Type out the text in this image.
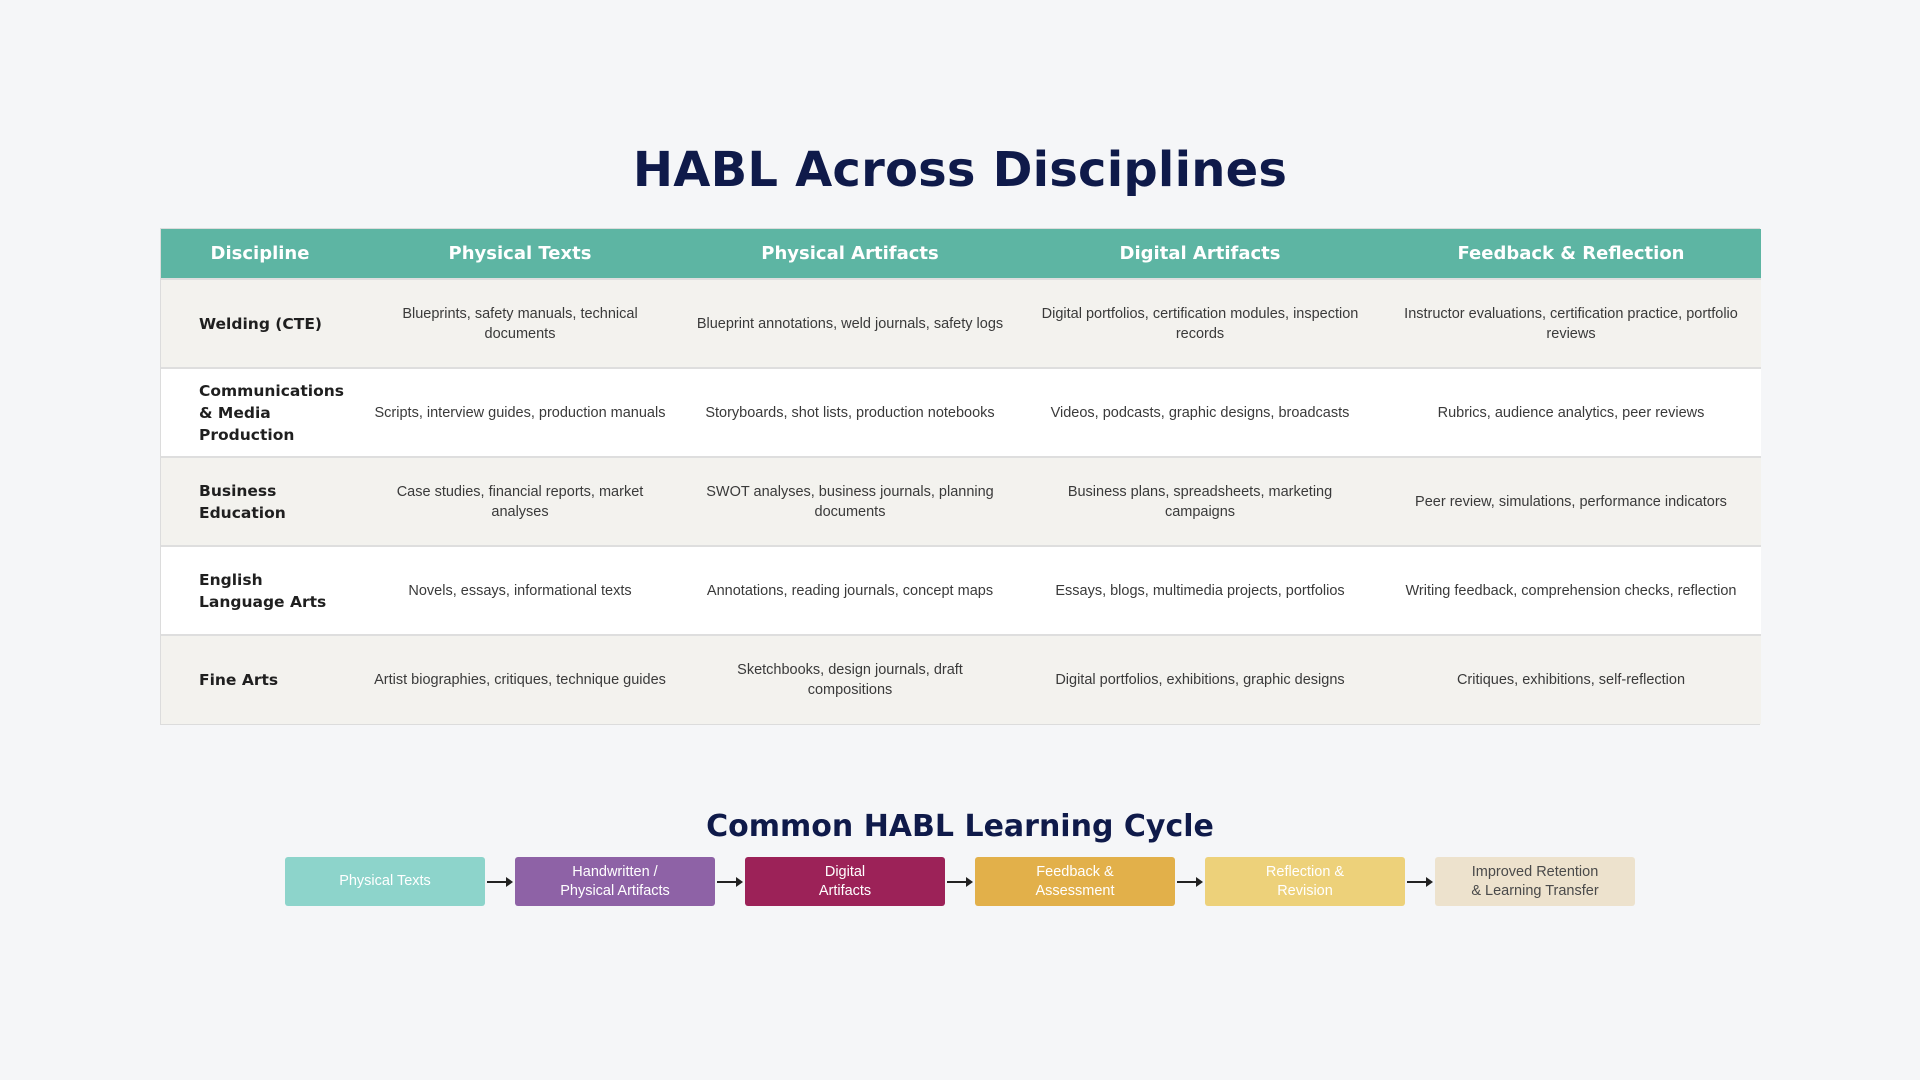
HABL Across Disciplines
Discipline	Physical Texts	Physical Artifacts	Digital Artifacts	Feedback & Reflection
Welding (CTE)	Blueprints, safety manuals, technical documents	Blueprint annotations, weld journals, safety logs	Digital portfolios, certification modules, inspection records	Instructor evaluations, certification practice, portfolio reviews
Communications & Media Production	Scripts, interview guides, production manuals	Storyboards, shot lists, production notebooks	Videos, podcasts, graphic designs, broadcasts	Rubrics, audience analytics, peer reviews
Business Education	Case studies, financial reports, market analyses	SWOT analyses, business journals, planning documents	Business plans, spreadsheets, marketing campaigns	Peer review, simulations, performance indicators
English Language Arts	Novels, essays, informational texts	Annotations, reading journals, concept maps	Essays, blogs, multimedia projects, portfolios	Writing feedback, comprehension checks, reflection
Fine Arts	Artist biographies, critiques, technique guides	Sketchbooks, design journals, draft compositions	Digital portfolios, exhibitions, graphic designs	Critiques, exhibitions, self-reflection
Common HABL Learning Cycle
Physical Texts
Handwritten /
Physical Artifacts
Digital
Artifacts
Feedback &
Assessment
Reflection &
Revision
Improved Retention
& Learning Transfer
